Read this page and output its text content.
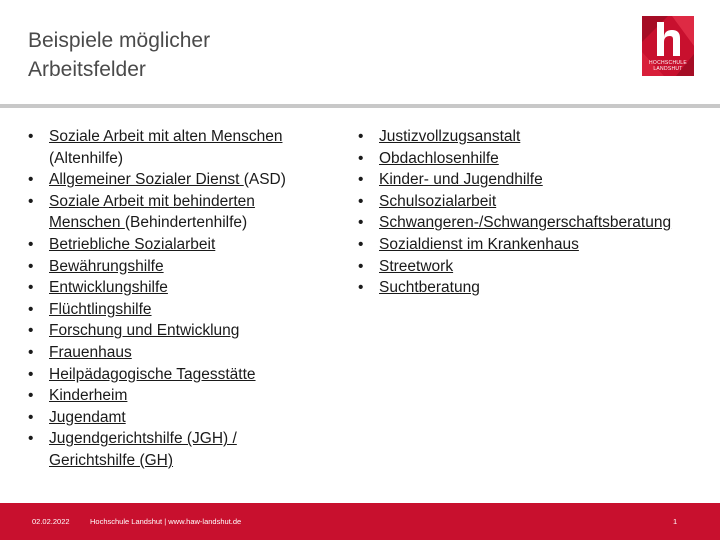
Beispiele möglicher
Arbeitsfelder	HOCHSCHULE
LANDSHUT
• Soziale Arbeit mit alten Menschen
(Altenhilfe)
• Allgemeiner Sozialer Dienst (ASD)
• Soziale Arbeit mit behinderten
Menschen (Behindertenhilfe)
• Betriebliche Sozialarbeit
• Bewährungshilfe
• Entwicklungshilfe
• Flüchtlingshilfe
• Forschung und Entwicklung
• Frauenhaus
• Heilpädagogische Tagesstätte
• Kinderheim
• Jugendamt
• Jugendgerichtshilfe (JGH) /
Gerichtshilfe (GH)
• Justizvollzugsanstalt
• Obdachlosenhilfe
• Kinder- und Jugendhilfe
• Schulsozialarbeit
• Schwangeren-/Schwangerschaftsberatung
• Sozialdienst im Krankenhaus
• Streetwork
• Suchtberatung
02.02.2022	Hochschule Landshut | www.haw-landshut.de	1
